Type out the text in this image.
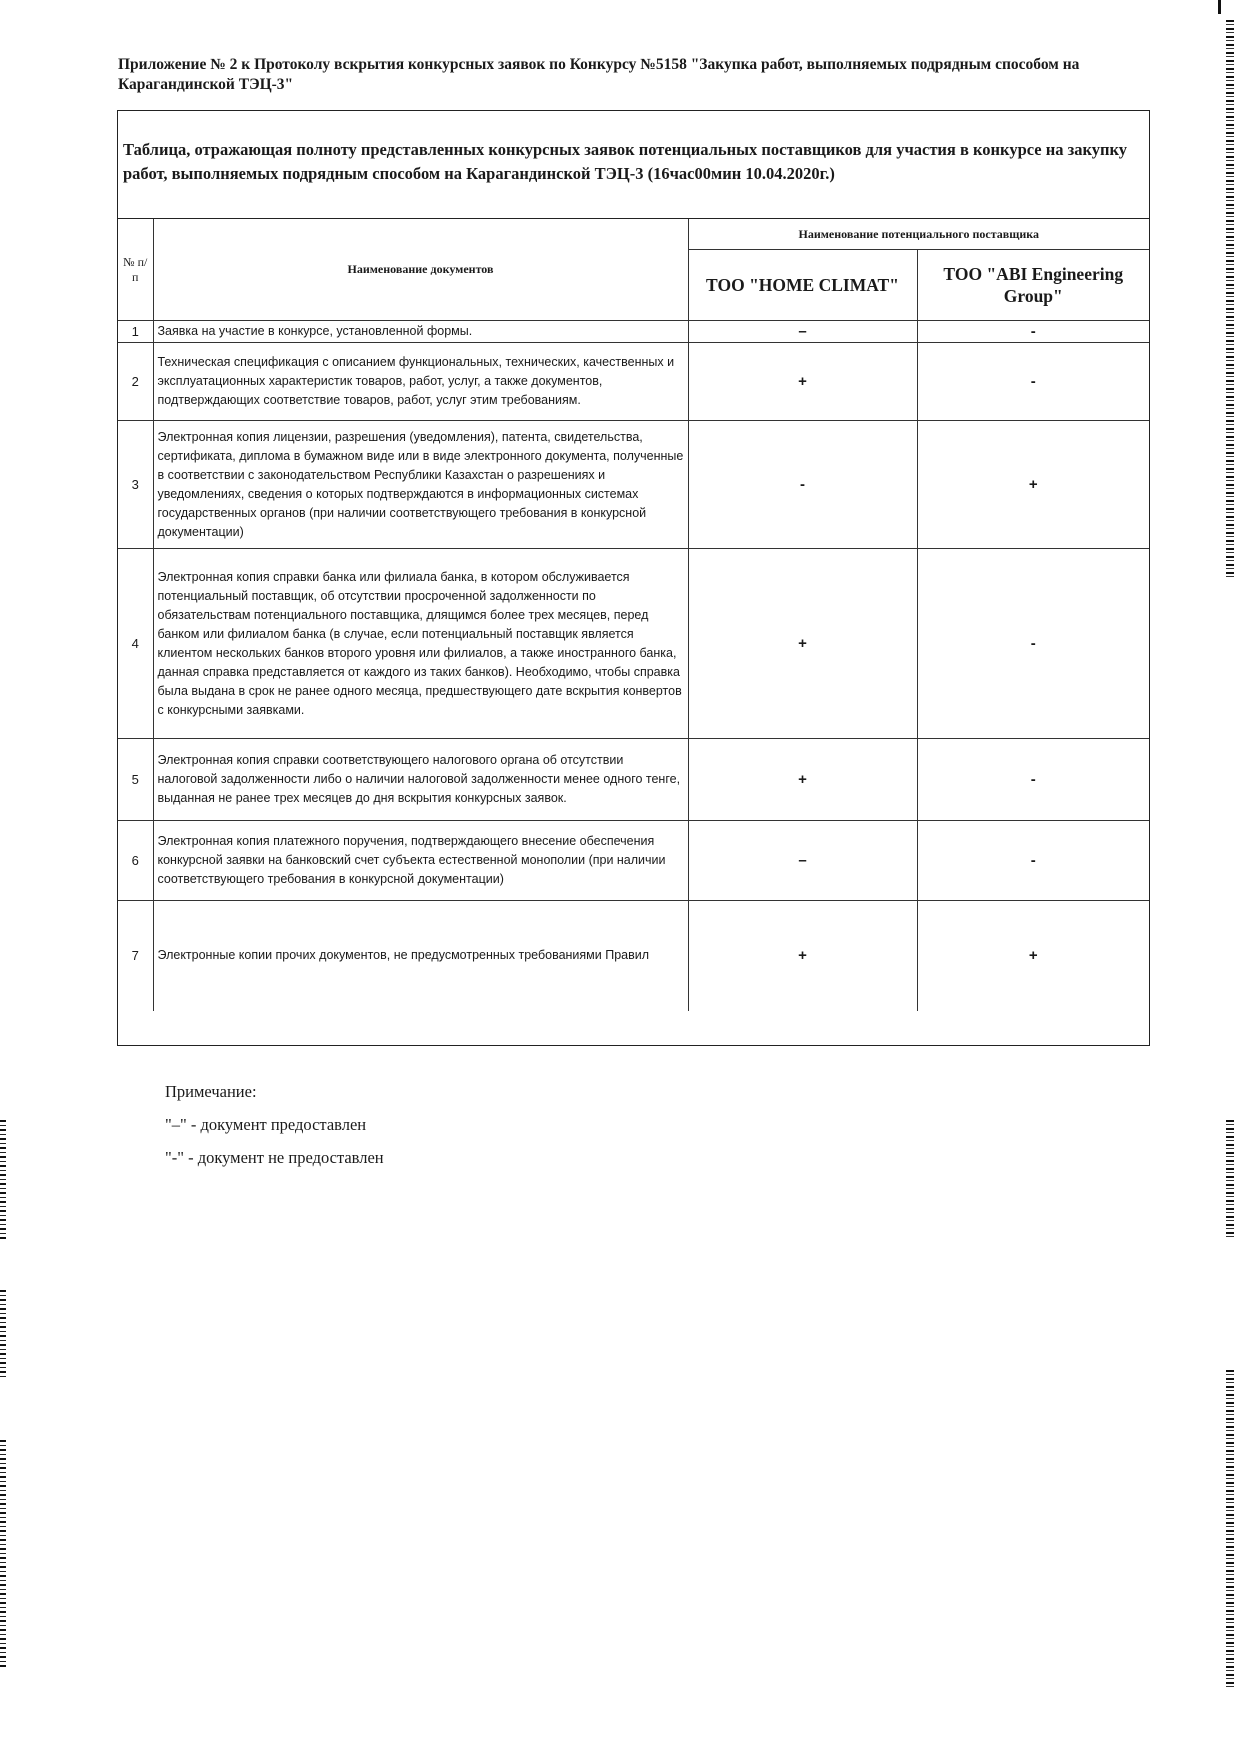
Приложение № 2 к Протоколу вскрытия конкурсных заявок по Конкурсу №5158 "Закупка работ, выполняемых подрядным способом на Карагандинской ТЭЦ-3"
Таблица, отражающая полноту представленных конкурсных заявок потенциальных поставщиков для участия в конкурсе на закупку работ, выполняемых подрядным способом на Карагандинской ТЭЦ-3 (16час00мин 10.04.2020г.)
№ п/п	Наименование документов	Наименование потенциального поставщика	
		ТОО "HOME CLIMAT"	ТОО "ABI Engineering Group"
1	Заявка на участие в конкурсе, установленной формы.	–	-
2	Техническая спецификация с описанием функциональных, технических, качественных и эксплуатационных характеристик товаров, работ, услуг, а также документов, подтверждающих соответствие товаров, работ, услуг этим требованиям.	+	-
3	Электронная копия лицензии, разрешения (уведомления), патента, свидетельства, сертификата, диплома в бумажном виде или в виде электронного документа, полученные в соответствии с законодательством Республики Казахстан о разрешениях и уведомлениях, сведения о которых подтверждаются в информационных системах государственных органов (при наличии соответствующего требования в конкурсной документации)	-	+
4	Электронная копия справки банка или филиала банка, в котором обслуживается потенциальный поставщик, об отсутствии просроченной задолженности по обязательствам потенциального поставщика, длящимся более трех месяцев, перед банком или филиалом банка (в случае, если потенциальный поставщик является клиентом нескольких банков второго уровня или филиалов, а также иностранного банка, данная справка представляется от каждого из таких банков). Необходимо, чтобы справка была выдана в срок не ранее одного месяца, предшествующего дате вскрытия конвертов с конкурсными заявками.	+	-
5	Электронная копия справки соответствующего налогового органа об отсутствии налоговой задолженности либо о наличии налоговой задолженности менее одного тенге, выданная не ранее трех месяцев до дня вскрытия конкурсных заявок.	+	-
6	Электронная копия платежного поручения, подтверждающего внесение обеспечения конкурсной заявки на банковский счет субъекта естественной монополии (при наличии соответствующего требования в конкурсной документации)	–	-
7	Электронные копии прочих документов, не предусмотренных требованиями Правил	+	+
Примечание:
"–" - документ предоставлен
"-" - документ не предоставлен
